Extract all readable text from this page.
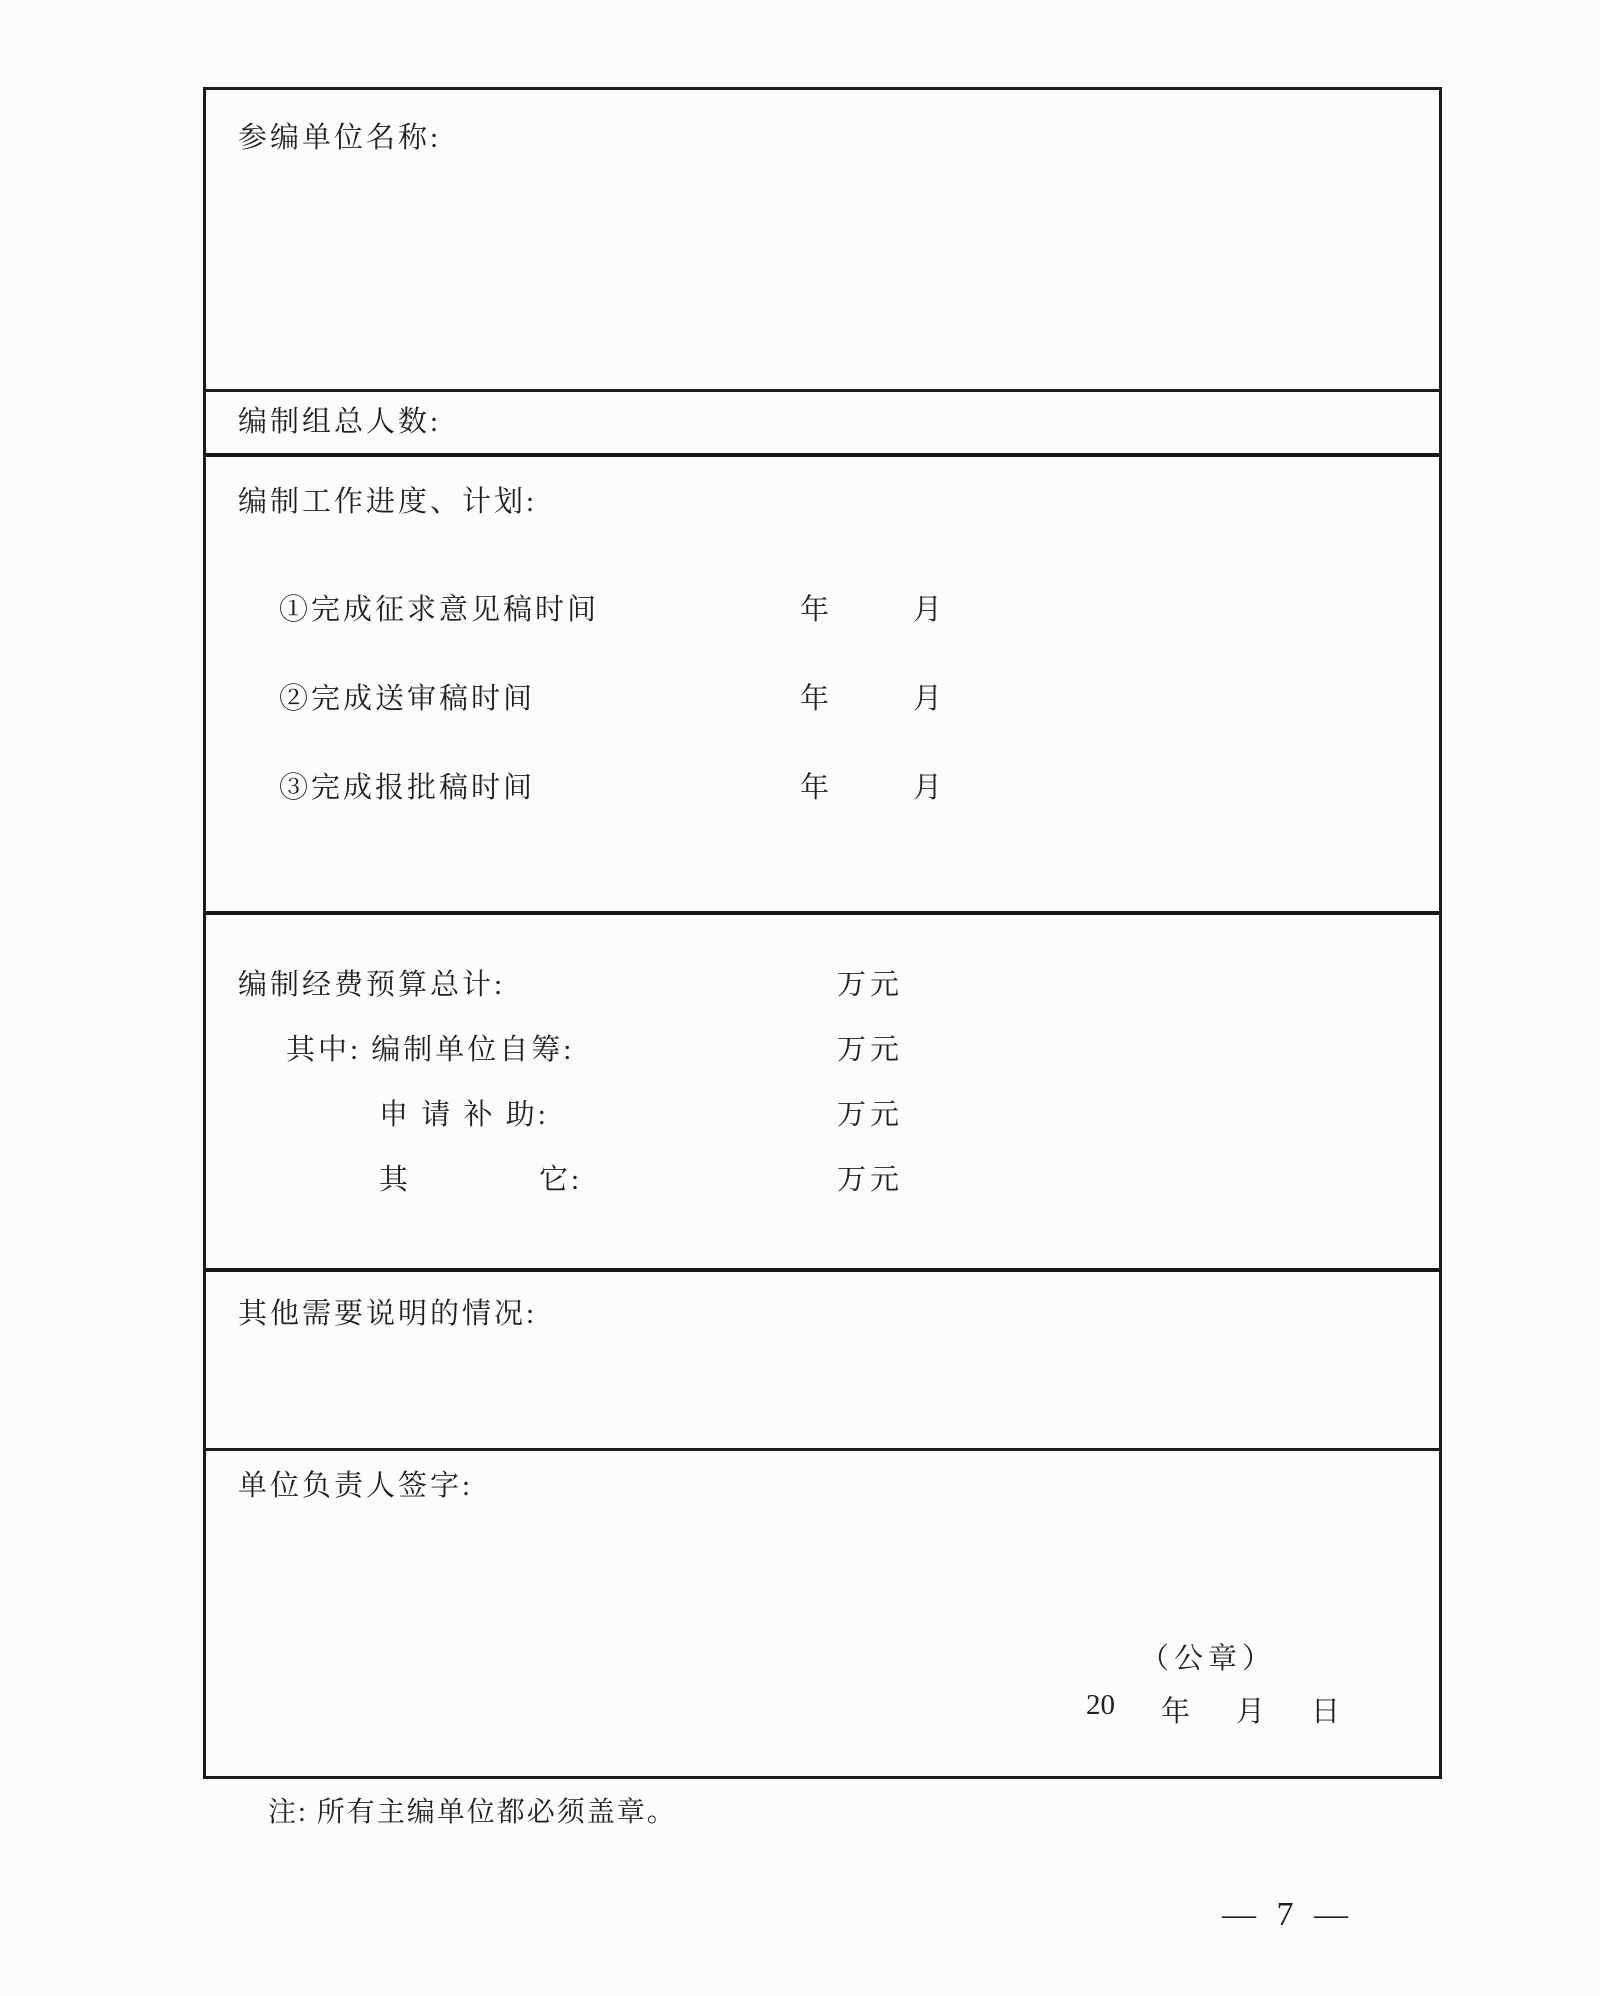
参编单位名称:
编制组总人数:
编制工作进度、计划:
①完成征求意见稿时间	年	月
②完成送审稿时间	年	月
③完成报批稿时间	年	月
编制经费预算总计:	万元
其中: 编制单位自筹:	万元
申 请 补 助:	万元
其　　　　它:	万元
其他需要说明的情况:
单位负责人签字:
（公章）
20 年 月 日
注: 所有主编单位都必须盖章。
— 7 —
